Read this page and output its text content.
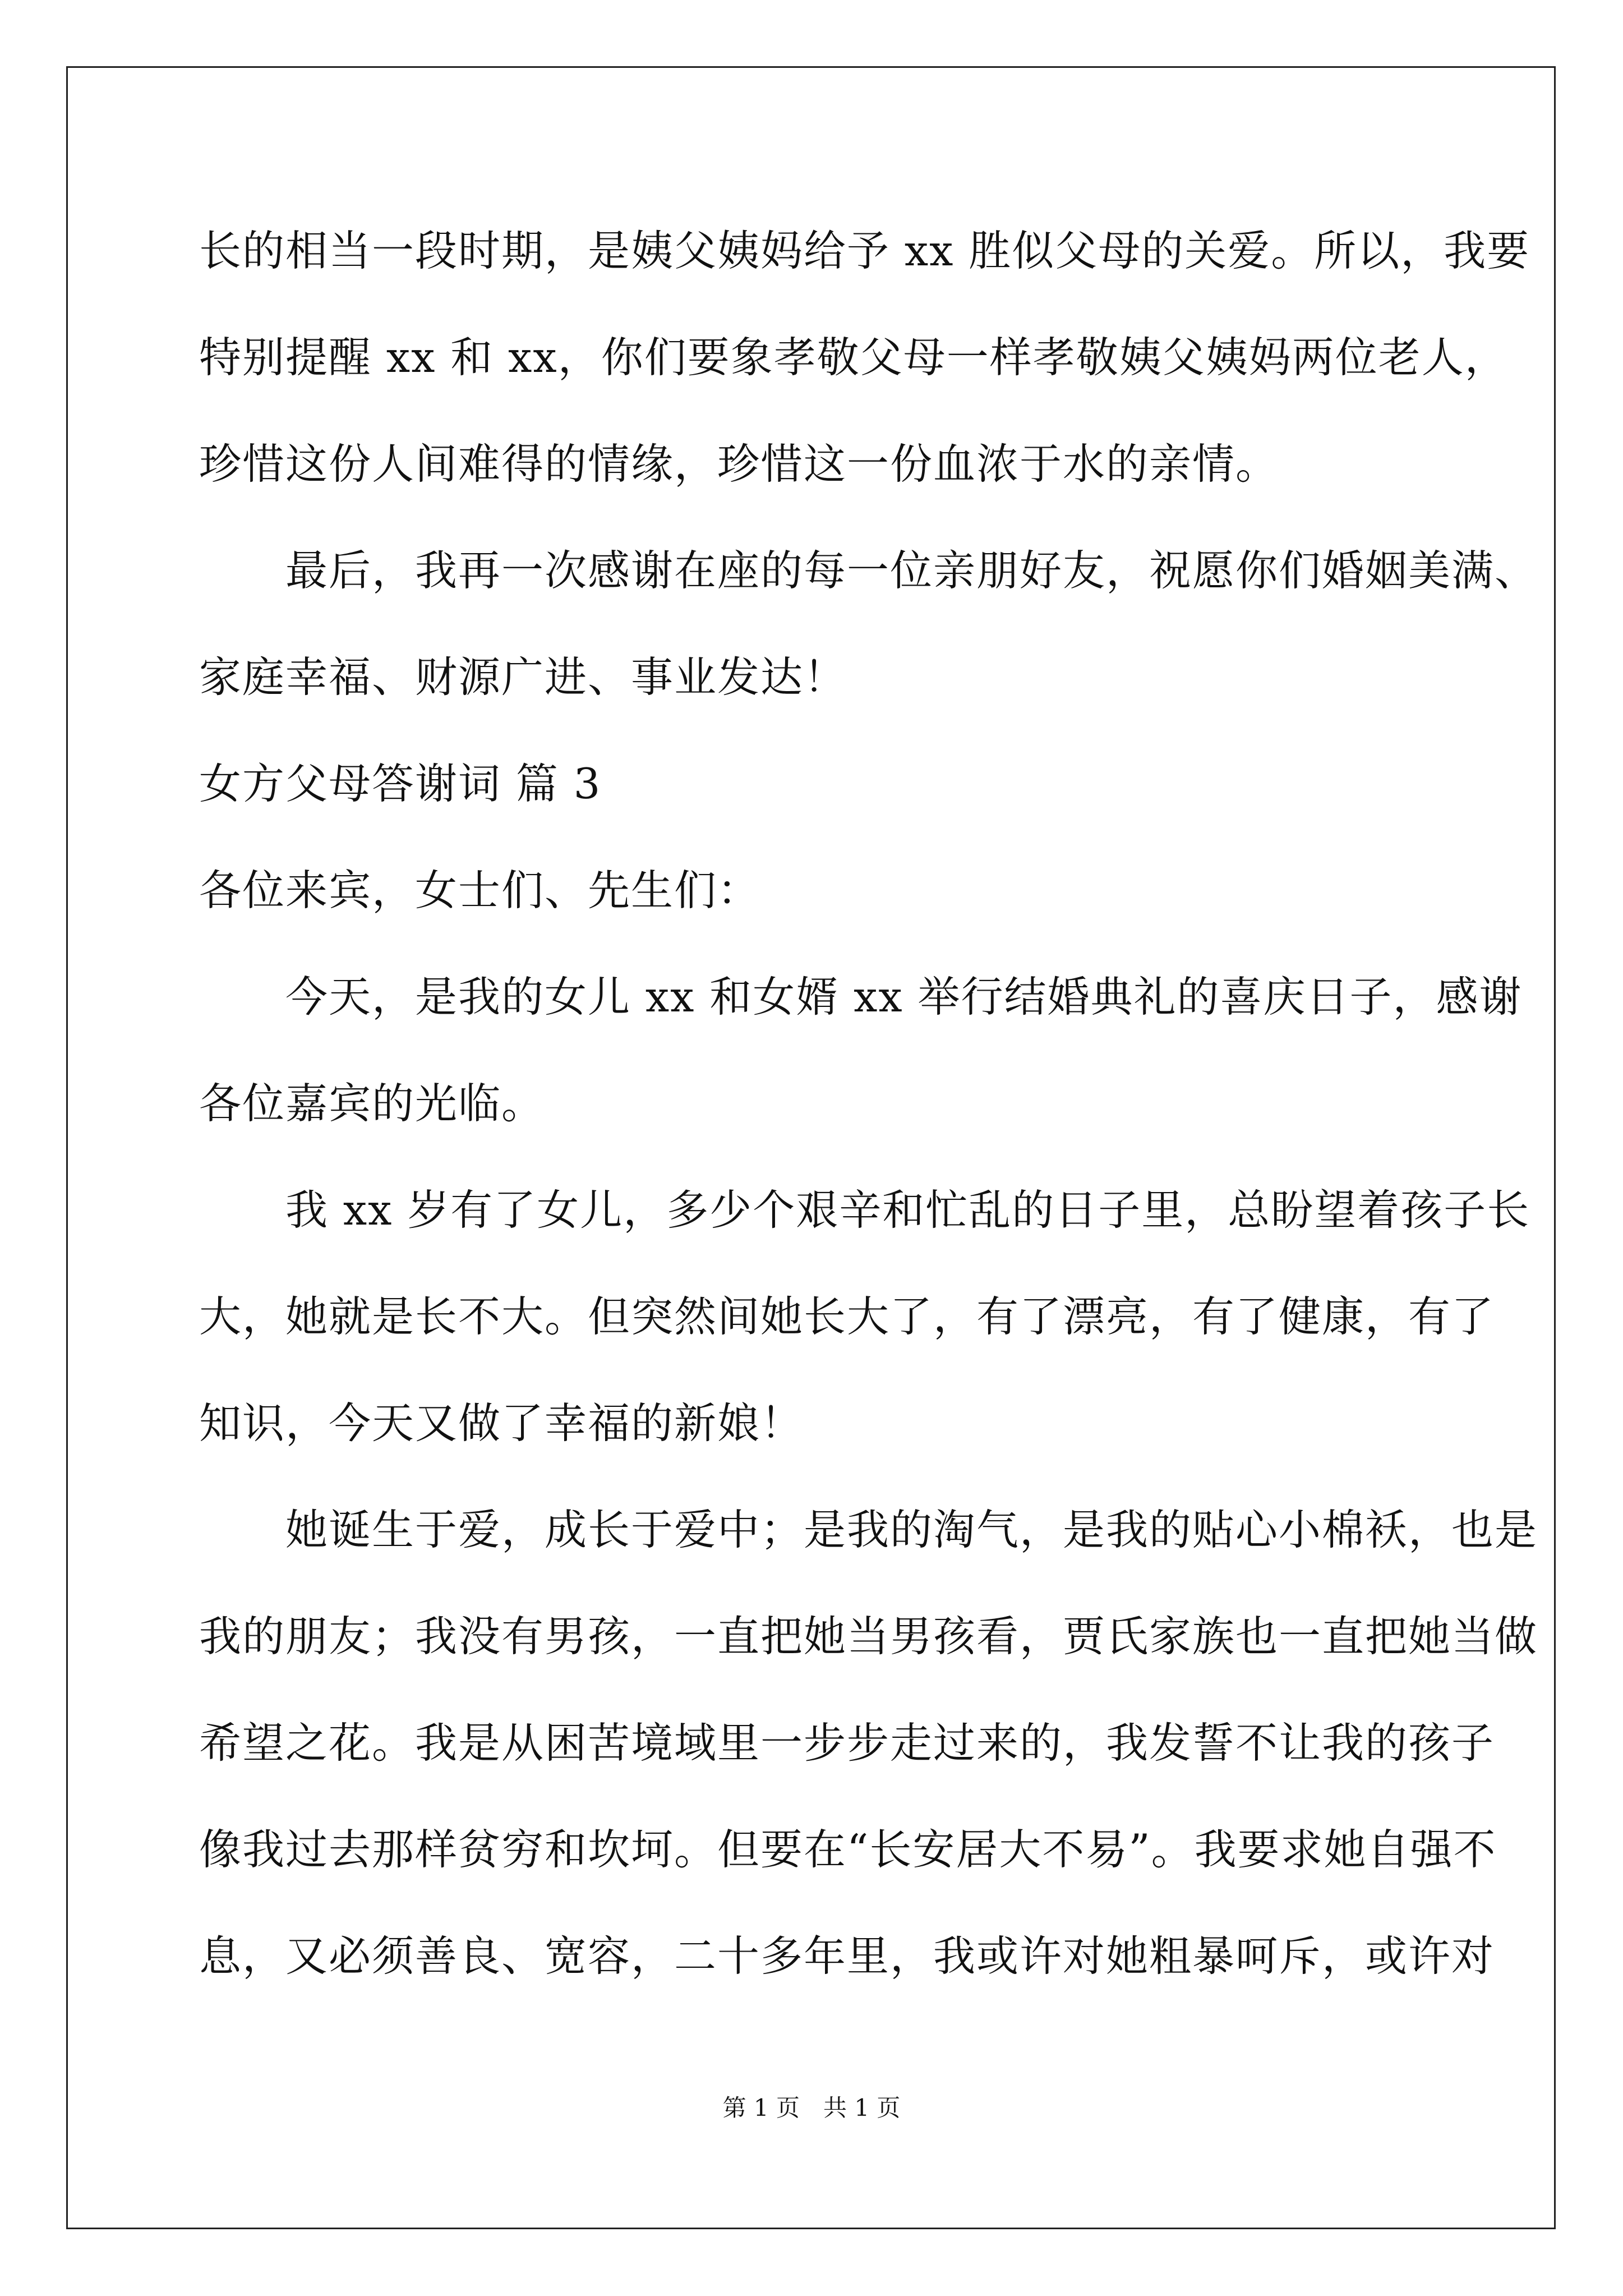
长的相当一段时期，是姨父姨妈给予 xx 胜似父母的关爱。所以，我要
特别提醒 xx 和 xx，你们要象孝敬父母一样孝敬姨父姨妈两位老人，
珍惜这份人间难得的情缘，珍惜这一份血浓于水的亲情。
　　最后，我再一次感谢在座的每一位亲朋好友，祝愿你们婚姻美满、
家庭幸福、财源广进、事业发达！
女方父母答谢词 篇 3
各位来宾，女士们、先生们：
　　今天，是我的女儿 xx 和女婿 xx 举行结婚典礼的喜庆日子，感谢
各位嘉宾的光临。
　　我 xx 岁有了女儿，多少个艰辛和忙乱的日子里，总盼望着孩子长
大，她就是长不大。但突然间她长大了，有了漂亮，有了健康，有了
知识，今天又做了幸福的新娘！
　　她诞生于爱，成长于爱中；是我的淘气，是我的贴心小棉袄，也是
我的朋友；我没有男孩，一直把她当男孩看，贾氏家族也一直把她当做
希望之花。我是从困苦境域里一步步走过来的，我发誓不让我的孩子
像我过去那样贫穷和坎坷。但要在“长安居大不易”。我要求她自强不
息，又必须善良、宽容，二十多年里，我或许对她粗暴呵斥，或许对
第 1 页　共 1 页
